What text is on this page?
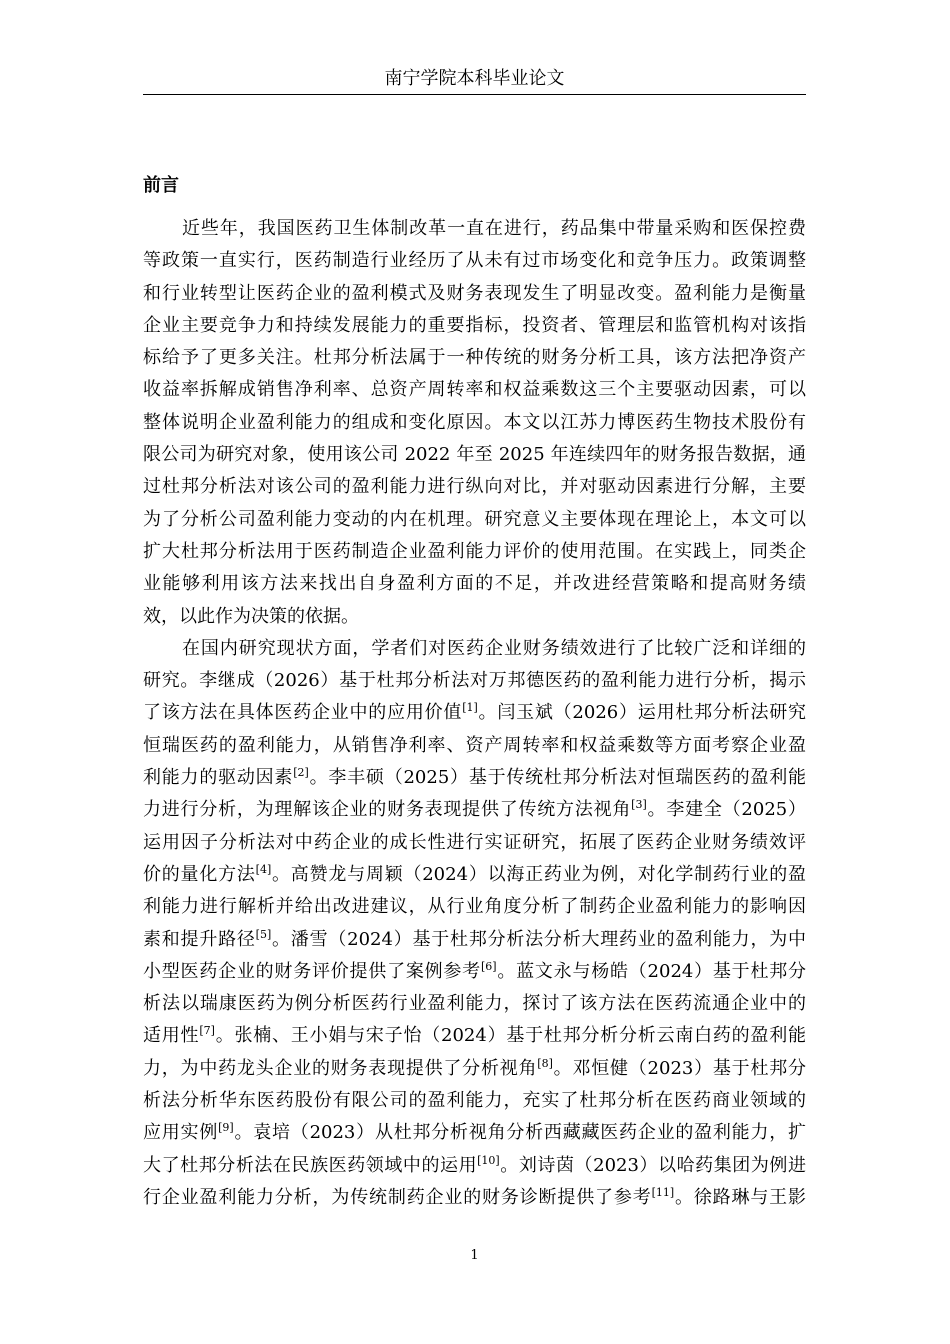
南宁学院本科毕业论文
前言
近些年，我国医药卫生体制改革一直在进行，药品集中带量采购和医保控费
等政策一直实行，医药制造行业经历了从未有过市场变化和竞争压力。政策调整
和行业转型让医药企业的盈利模式及财务表现发生了明显改变。盈利能力是衡量
企业主要竞争力和持续发展能力的重要指标，投资者、管理层和监管机构对该指
标给予了更多关注。杜邦分析法属于一种传统的财务分析工具，该方法把净资产
收益率拆解成销售净利率、总资产周转率和权益乘数这三个主要驱动因素，可以
整体说明企业盈利能力的组成和变化原因。本文以江苏力博医药生物技术股份有
限公司为研究对象，使用该公司 2022 年至 2025 年连续四年的财务报告数据，通
过杜邦分析法对该公司的盈利能力进行纵向对比，并对驱动因素进行分解，主要
为了分析公司盈利能力变动的内在机理。研究意义主要体现在理论上，本文可以
扩大杜邦分析法用于医药制造企业盈利能力评价的使用范围。在实践上，同类企
业能够利用该方法来找出自身盈利方面的不足，并改进经营策略和提高财务绩
效，以此作为决策的依据。
在国内研究现状方面，学者们对医药企业财务绩效进行了比较广泛和详细的
研究。李继成（2026）基于杜邦分析法对万邦德医药的盈利能力进行分析，揭示
了该方法在具体医药企业中的应用价值[1]。闫玉斌（2026）运用杜邦分析法研究
恒瑞医药的盈利能力，从销售净利率、资产周转率和权益乘数等方面考察企业盈
利能力的驱动因素[2]。李丰硕（2025）基于传统杜邦分析法对恒瑞医药的盈利能
力进行分析，为理解该企业的财务表现提供了传统方法视角[3]。李建全（2025）
运用因子分析法对中药企业的成长性进行实证研究，拓展了医药企业财务绩效评
价的量化方法[4]。高赞龙与周颖（2024）以海正药业为例，对化学制药行业的盈
利能力进行解析并给出改进建议，从行业角度分析了制药企业盈利能力的影响因
素和提升路径[5]。潘雪（2024）基于杜邦分析法分析大理药业的盈利能力，为中
小型医药企业的财务评价提供了案例参考[6]。蓝文永与杨皓（2024）基于杜邦分
析法以瑞康医药为例分析医药行业盈利能力，探讨了该方法在医药流通企业中的
适用性[7]。张楠、王小娟与宋子怡（2024）基于杜邦分析分析云南白药的盈利能
力，为中药龙头企业的财务表现提供了分析视角[8]。邓恒健（2023）基于杜邦分
析法分析华东医药股份有限公司的盈利能力，充实了杜邦分析在医药商业领域的
应用实例[9]。袁培（2023）从杜邦分析视角分析西藏藏医药企业的盈利能力，扩
大了杜邦分析法在民族医药领域中的运用[10]。刘诗茵（2023）以哈药集团为例进
行企业盈利能力分析，为传统制药企业的财务诊断提供了参考[11]。徐路琳与王影
1
